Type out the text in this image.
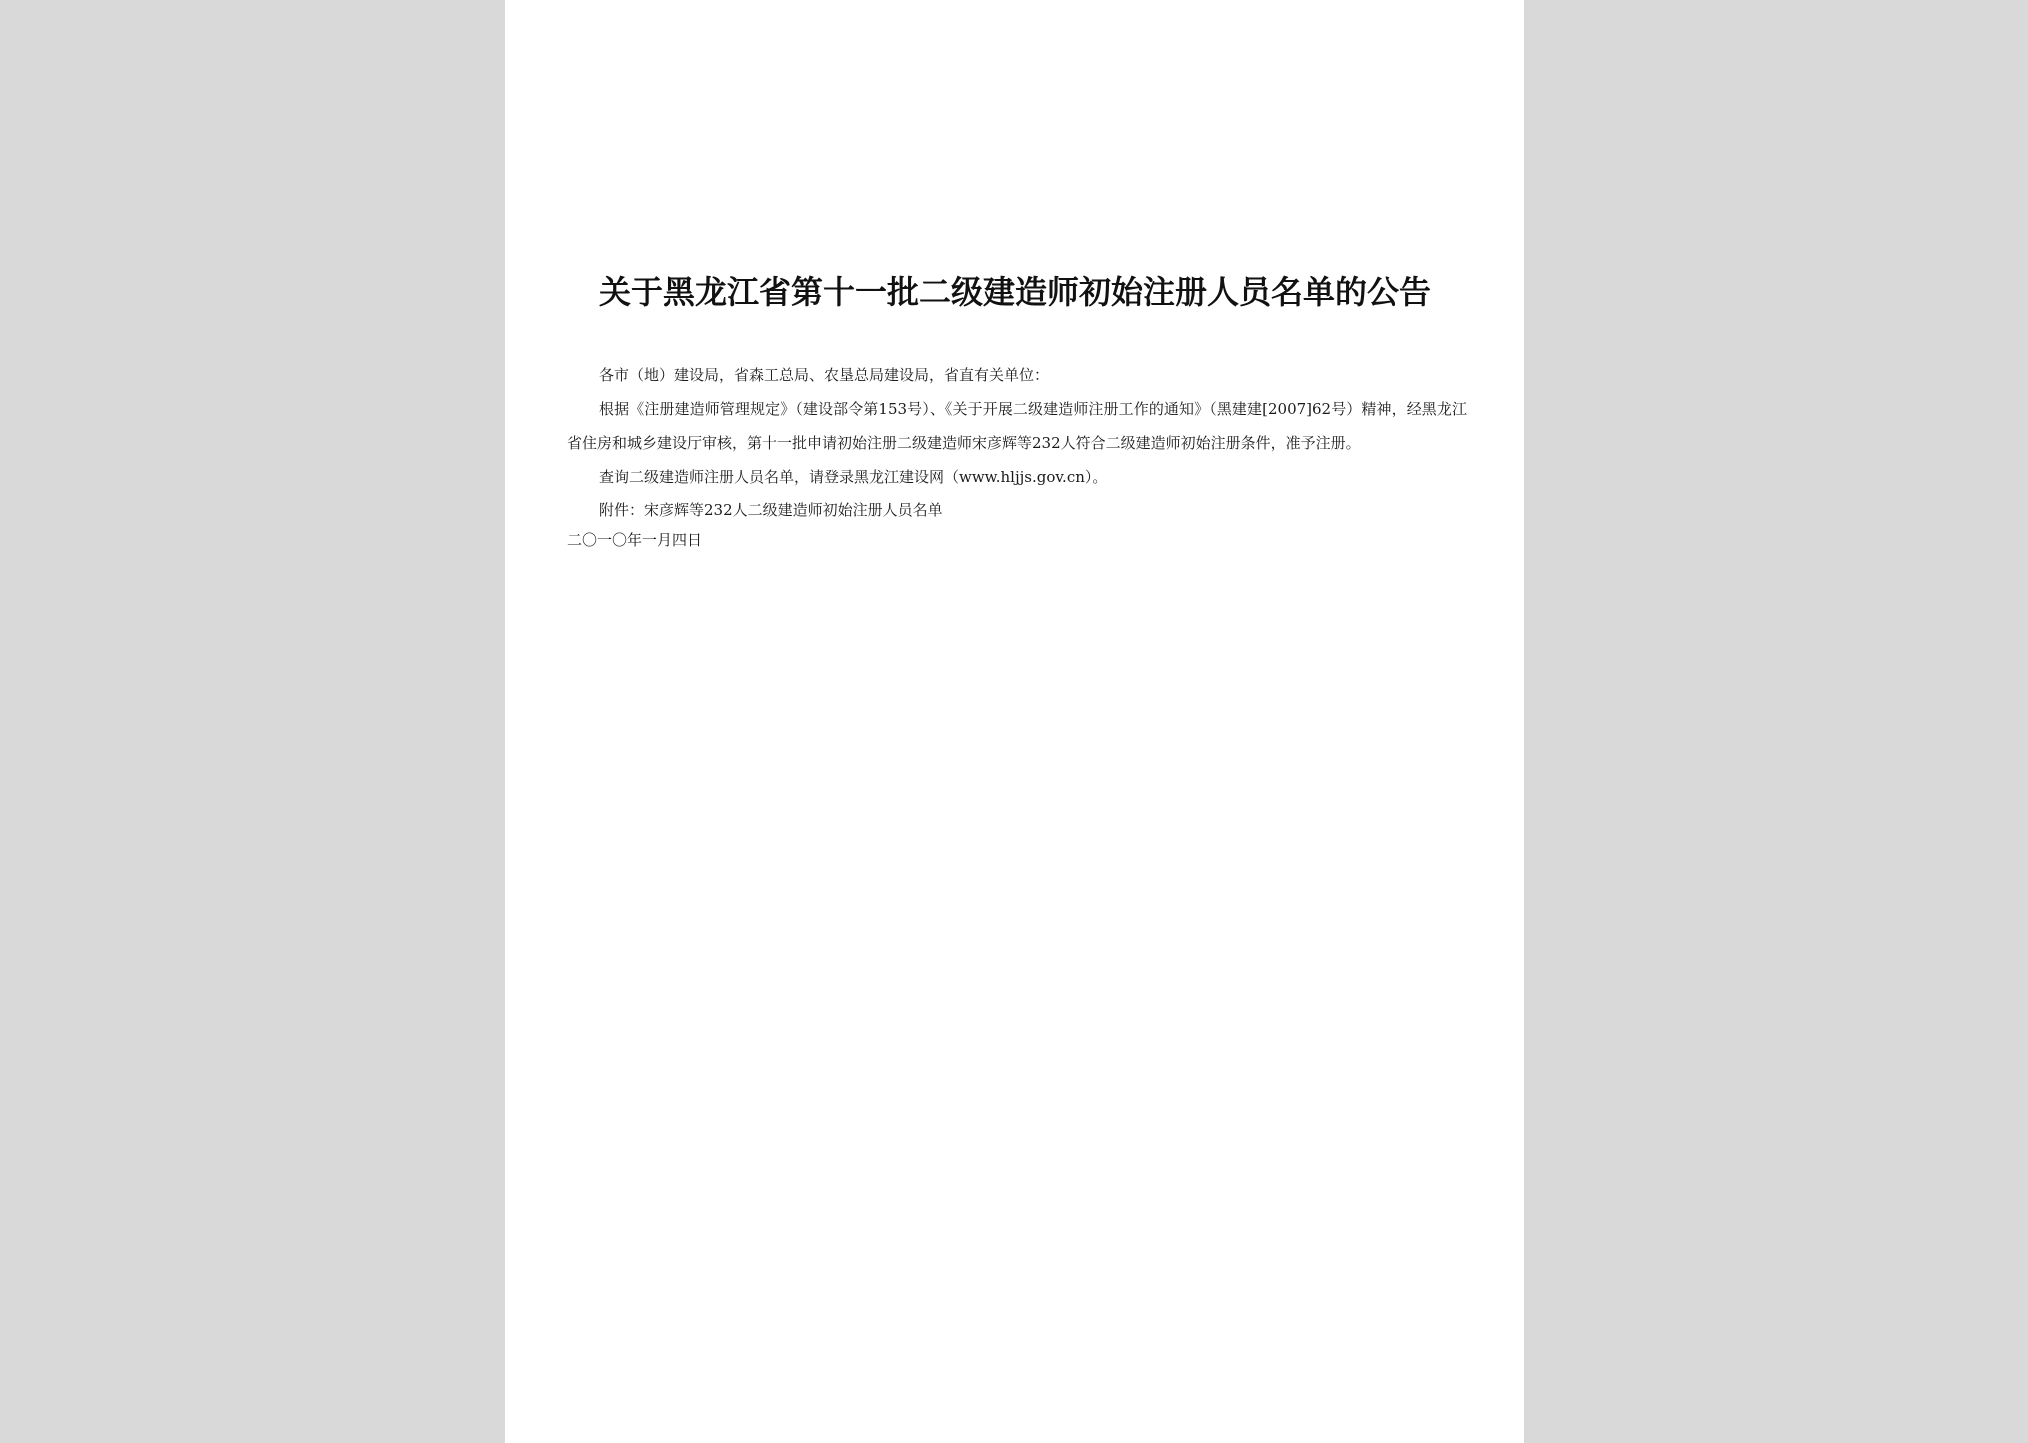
关于黑龙江省第十一批二级建造师初始注册人员名单的公告

各市（地）建设局，省森工总局、农垦总局建设局，省直有关单位：

根据《注册建造师管理规定》（建设部令第153号）、《关于开展二级建造师注册工作的通知》（黑建建[2007]62号）精神，经黑龙江省住房和城乡建设厅审核，第十一批申请初始注册二级建造师宋彦辉等232人符合二级建造师初始注册条件，准予注册。

查询二级建造师注册人员名单，请登录黑龙江建设网（www.hljjs.gov.cn）。

附件：宋彦辉等232人二级建造师初始注册人员名单

二〇一〇年一月四日
